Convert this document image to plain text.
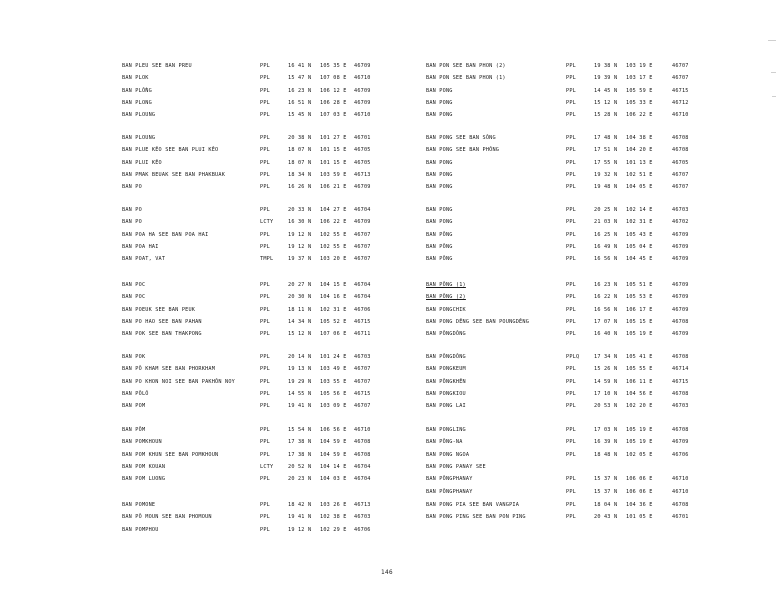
BAN PLEU SEE BAN PREU	PPL	16 41 N 105 35 E 46709
BAN PLOK	PPL	15 47 N 107 08 E 46710
BAN PLỔNG	PPL	16 23 N 106 12 E 46709
BAN PLONG	PPL	16 51 N 106 28 E 46709
BAN PLOUNG	PPL	15 45 N 107 03 E 46710
BAN PLOUNG	PPL	20 38 N 101 27 E 46701
BAN PLUE KÊO SEE BAN PLUI KÊO	PPL	18 07 N 101 15 E 46705
BAN PLUI KÊO	PPL	18 07 N 101 15 E 46705
BAN PMAK BEUAK SEE BAN PHAKBUAK	PPL	18 34 N 103 59 E 46713
BAN PO	PPL	16 26 N 106 21 E 46709
BAN PO	PPL	20 33 N 104 27 E 46704
BAN PO	LCTY	16 30 N 106 22 E 46709
BAN POA HA SEE BAN POA HAI	PPL	19 12 N 102 55 E 46707
BAN POA HAI	PPL	19 12 N 102 55 E 46707
BAN POAT, VAT	TMPL	19 37 N 103 20 E 46707
BAN POC	PPL	20 27 N 104 15 E 46704
BAN POC	PPL	20 30 N 104 16 E 46704
BAN POEUK SEE BAN PEUK	PPL	18 11 N 102 31 E 46706
BAN PO HAO SEE BAN PAHAN	PPL	14 34 N 105 52 E 46715
BAN POK SEE BAN THAKPONG	PPL	15 12 N 107 06 E 46711
BAN POK	PPL	20 14 N 101 24 E 46703
BAN PÔ KHAM SEE BAN PHORKHAM	PPL	19 13 N 103 49 E 46707
BAN PO KHON NOI SEE BAN PAKHÔN NOY	PPL	19 29 N 103 55 E 46707
BAN PÔLÔ	PPL	14 55 N 105 56 E 46715
BAN POM	PPL	19 41 N 103 09 E 46707
BAN PÔM	PPL	15 54 N 106 56 E 46710
BAN POMKHOUN	PPL	17 38 N 104 59 E 46708
BAN POM KHUN SEE BAN POMKHOUN	PPL	17 38 N 104 59 E 46708
BAN POM KOUAN	LCTY	20 52 N 104 14 E 46704
BAN POM LUONG	PPL	20 23 N 104 03 E 46704
BAN POMONE	PPL	18 42 N 103 26 E 46713
BAN PÔ MOUN SEE BAN PHOMOUN	PPL	19 41 N 102 38 E 46703
BAN POMPHOU	PPL	19 12 N 102 29 E 46706
BAN PON SEE BAN PHON (2)	PPL	19 38 N 103 19 E	46707
BAN PON SEE BAN PHON (1)	PPL	19 39 N 103 17 E	46707
BAN PONG	PPL	14 45 N 105 59 E	46715
BAN PONG	PPL	15 12 N 105 33 E	46712
BAN PONG	PPL	15 28 N 106 22 E	46710
BAN PONG SEE BAN SÔNG	PPL	17 48 N 104 38 E	46708
BAN PONG SEE BAN PHÔNG	PPL	17 51 N 104 20 E	46708
BAN PONG	PPL	17 55 N 101 13 E	46705
BAN PONG	PPL	19 32 N 102 51 E	46707
BAN PONG	PPL	19 48 N 104 05 E	46707
BAN PONG	PPL	20 25 N 102 14 E	46703
BAN PONG	PPL	21 03 N 102 31 E	46702
BAN PÔNG	PPL	16 25 N 105 43 E	46709
BAN PÔNG	PPL	16 49 N 105 04 E	46709
BAN PÔNG	PPL	16 56 N 104 45 E	46709
BAN PÔNG (1)	PPL	16 23 N 105 51 E	46709
BAN PÔNG (2)	PPL	16 22 N 105 53 E	46709
BAN PONGCHIK	PPL	16 56 N 106 17 E	46709
BAN PONG DÊNG SEE BAN POUNGDÊNG	PPL	17 07 N 105 15 E	46708
BAN PÔNGDÔNG	PPL	16 40 N 105 19 E	46709
BAN PÔNGDÔNG	PPLQ	17 34 N 105 41 E	46708
BAN PONGKEUM	PPL	15 26 N 105 55 E	46714
BAN PÔNGKHÊN	PPL	14 59 N 106 11 E	46715
BAN PONGKIOU	PPL	17 10 N 104 56 E	46708
BAN PONG LAI	PPL	20 53 N 102 20 E	46703
BAN PONGLING	PPL	17 03 N 105 19 E	46708
BAN PÔNG-NA	PPL	16 39 N 105 19 E	46709
BAN PONG NGOA	PPL	18 48 N 102 05 E	46706
BAN PONG PANAY SEE
BAN PÔNGPHANAY	PPL	15 37 N 106 06 E	46710
BAN PÔNGPHANAY	PPL	15 37 N 106 06 E	46710
BAN PONG PIA SEE BAN VANGPIA	PPL	18 04 N 104 36 E	46708
BAN PONG PING SEE BAN PON PING	PPL	20 43 N 101 05 E	46701
146
